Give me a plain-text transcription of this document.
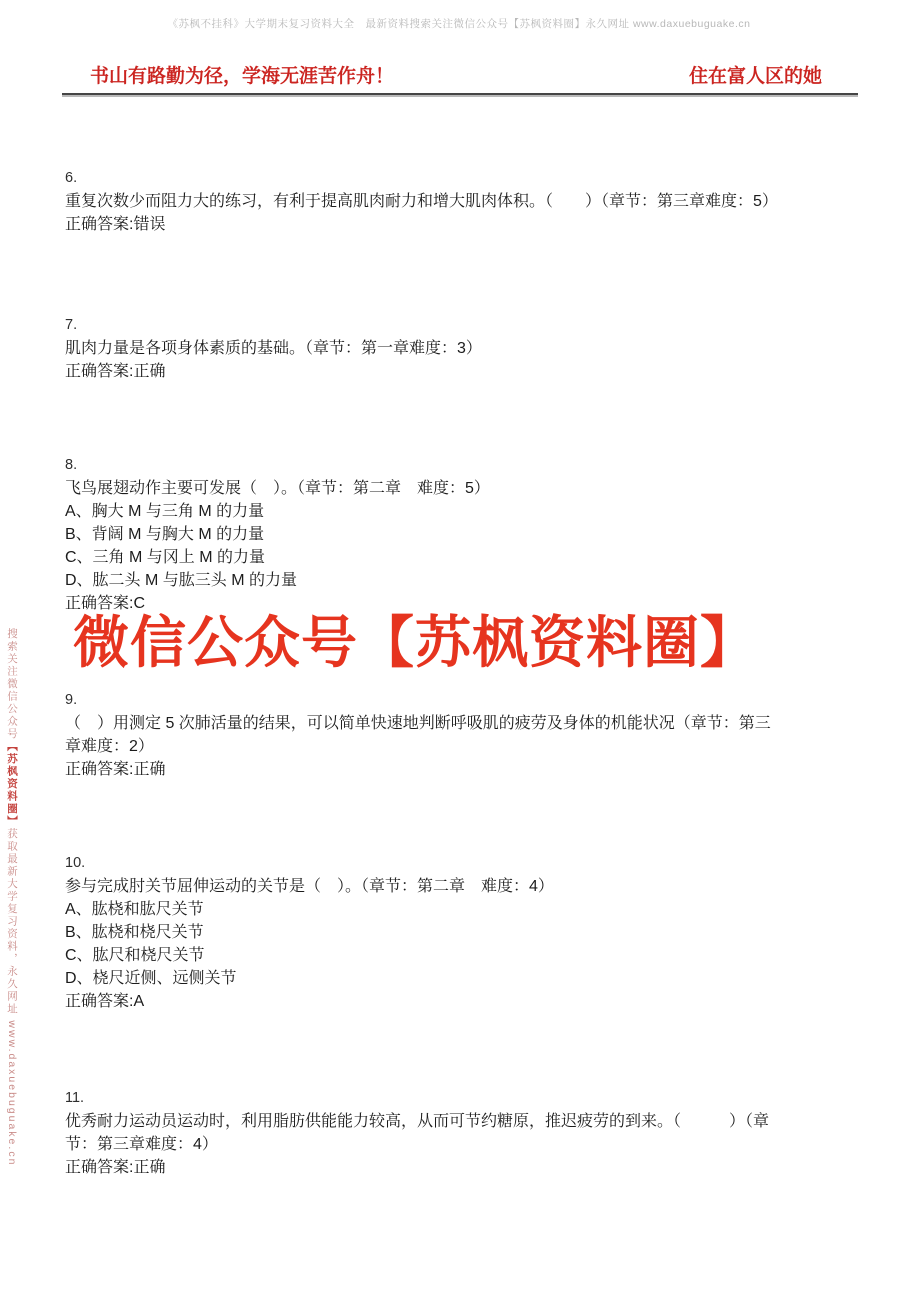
《苏枫不挂科》大学期末复习资料大全　最新资料搜索关注微信公众号【苏枫资料圈】永久网址 www.daxuebuguake.cn
书山有路勤为径，学海无涯苦作舟！	住在富人区的她
6.
重复次数少而阻力大的练习，有利于提高肌肉耐力和增大肌肉体积。（　　）（章节：第三章难度：5）
正确答案:错误
7.
肌肉力量是各项身体素质的基础。（章节：第一章难度：3）
正确答案:正确
8.
飞鸟展翅动作主要可发展（　）。（章节：第二章　难度：5）
A、胸大 M 与三角 M 的力量
B、背阔 M 与胸大 M 的力量
C、三角 M 与冈上 M 的力量
D、肱二头 M 与肱三头 M 的力量
正确答案:C
微信公众号【苏枫资料圈】
9.
（　）用测定 5 次肺活量的结果，可以简单快速地判断呼吸肌的疲劳及身体的机能状况（章节：第三
章难度：2）
正确答案:正确
10.
参与完成肘关节屈伸运动的关节是（　）。（章节：第二章　难度：4）
A、肱桡和肱尺关节
B、肱桡和桡尺关节
C、肱尺和桡尺关节
D、桡尺近侧、远侧关节
正确答案:A
11.
优秀耐力运动员运动时，利用脂肪供能能力较高，从而可节约糖原，推迟疲劳的到来。（　　　）（章
节：第三章难度：4）
正确答案:正确
搜索关注微信公众号【苏枫资料圈】获取最新大学复习资料，永久网址 www.daxuebuguake.cn
